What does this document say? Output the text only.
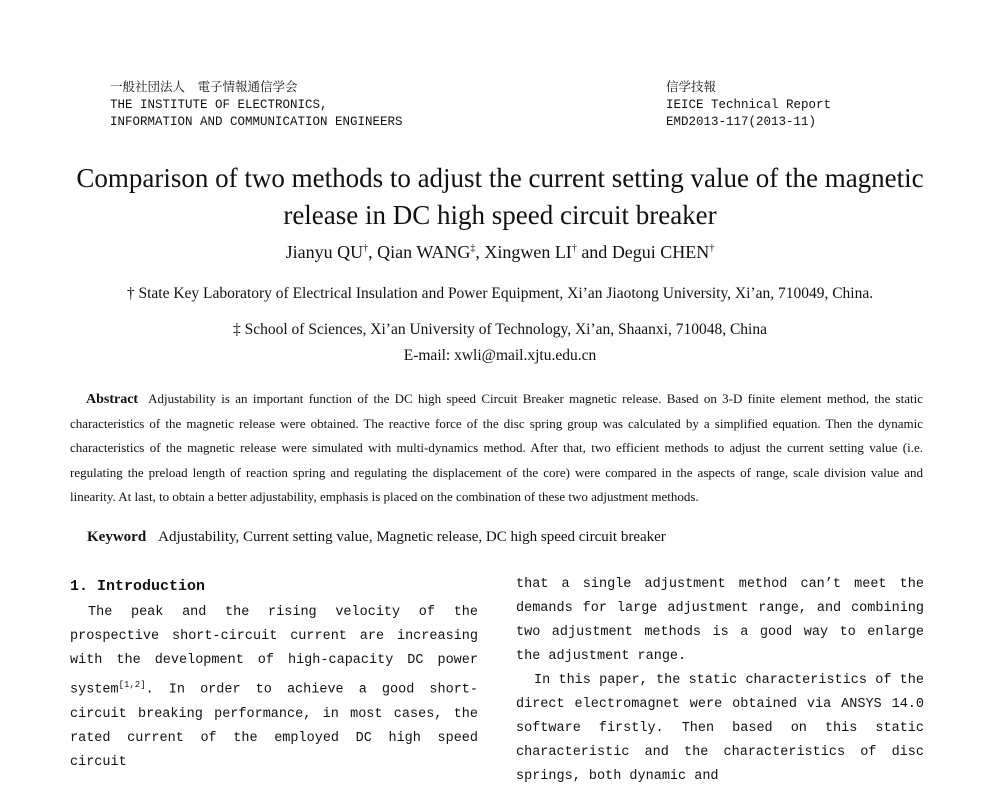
一般社団法人　電子情報通信学会
THE INSTITUTE OF ELECTRONICS,
INFORMATION AND COMMUNICATION ENGINEERS
信学技報
IEICE Technical Report
EMD2013-117(2013-11)
Comparison of two methods to adjust the current setting value of the magnetic
release in DC high speed circuit breaker
Jianyu QU†, Qian WANG‡, Xingwen LI† and Degui CHEN†
† State Key Laboratory of Electrical Insulation and Power Equipment, Xi’an Jiaotong University, Xi’an, 710049, China.
‡ School of Sciences, Xi’an University of Technology, Xi’an, Shaanxi, 710048, China
E-mail: xwli@mail.xjtu.edu.cn
Abstract Adjustability is an important function of the DC high speed Circuit Breaker magnetic release. Based on 3-D finite element method, the static characteristics of the magnetic release were obtained. The reactive force of the disc spring group was calculated by a simplified equation. Then the dynamic characteristics of the magnetic release were simulated with multi-dynamics method. After that, two efficient methods to adjust the current setting value (i.e. regulating the preload length of reaction spring and regulating the displacement of the core) were compared in the aspects of range, scale division value and linearity. At last, to obtain a better adjustability, emphasis is placed on the combination of these two adjustment methods.
Keyword Adjustability, Current setting value, Magnetic release, DC high speed circuit breaker
1. Introduction
The peak and the rising velocity of the prospective short-circuit current are increasing with the development of high-capacity DC power system[1,2]. In order to achieve a good short-circuit breaking performance, in most cases, the rated current of the employed DC high speed circuit
that a single adjustment method can’t meet the demands for large adjustment range, and combining two adjustment methods is a good way to enlarge the adjustment range.
In this paper, the static characteristics of the direct electromagnet were obtained via ANSYS 14.0 software firstly. Then based on this static characteristic and the characteristics of disc springs, both dynamic and
